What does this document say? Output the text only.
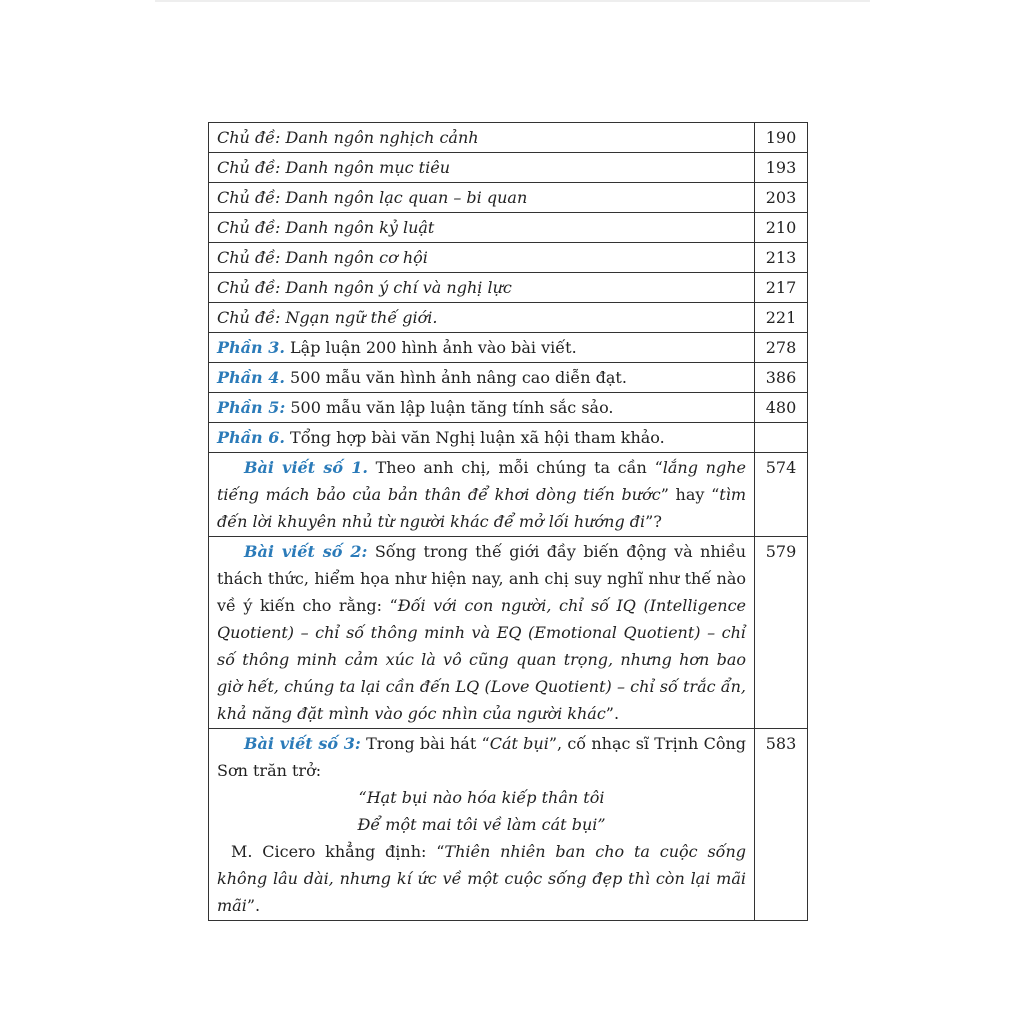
Chủ đề: Danh ngôn nghịch cảnh	190
Chủ đề: Danh ngôn mục tiêu	193
Chủ đề: Danh ngôn lạc quan – bi quan	203
Chủ đề: Danh ngôn kỷ luật	210
Chủ đề: Danh ngôn cơ hội	213
Chủ đề: Danh ngôn ý chí và nghị lực	217
Chủ đề: Ngạn ngữ thế giới.	221
Phần 3. Lập luận 200 hình ảnh vào bài viết.	278
Phần 4. 500 mẫu văn hình ảnh nâng cao diễn đạt.	386
Phần 5: 500 mẫu văn lập luận tăng tính sắc sảo.	480
Phần 6. Tổng hợp bài văn Nghị luận xã hội tham khảo.	

Bài viết số 1. Theo anh chị, mỗi chúng ta cần “lắng nghe tiếng mách bảo của bản thân để khơi dòng tiến bước” hay “tìm đến lời khuyên nhủ từ người khác để mở lối hướng đi”?	574

Bài viết số 2: Sống trong thế giới đầy biến động và nhiều thách thức, hiểm họa như hiện nay, anh chị suy nghĩ như thế nào về ý kiến cho rằng: “Đối với con người, chỉ số IQ (Intelligence Quotient) – chỉ số thông minh và EQ (Emotional Quotient) – chỉ số thông minh cảm xúc là vô cũng quan trọng, nhưng hơn bao giờ hết, chúng ta lại cần đến LQ (Love Quotient) – chỉ số trắc ẩn, khả năng đặt mình vào góc nhìn của người khác”.	579

Bài viết số 3: Trong bài hát “Cát bụi”, cố nhạc sĩ Trịnh Công Sơn trăn trở:

“Hạt bụi nào hóa kiếp thân tôi

Để một mai tôi về làm cát bụi”

M. Cicero khẳng định: “Thiên nhiên ban cho ta cuộc sống không lâu dài, nhưng kí ức về một cuộc sống đẹp thì còn lại mãi mãi”.	583
